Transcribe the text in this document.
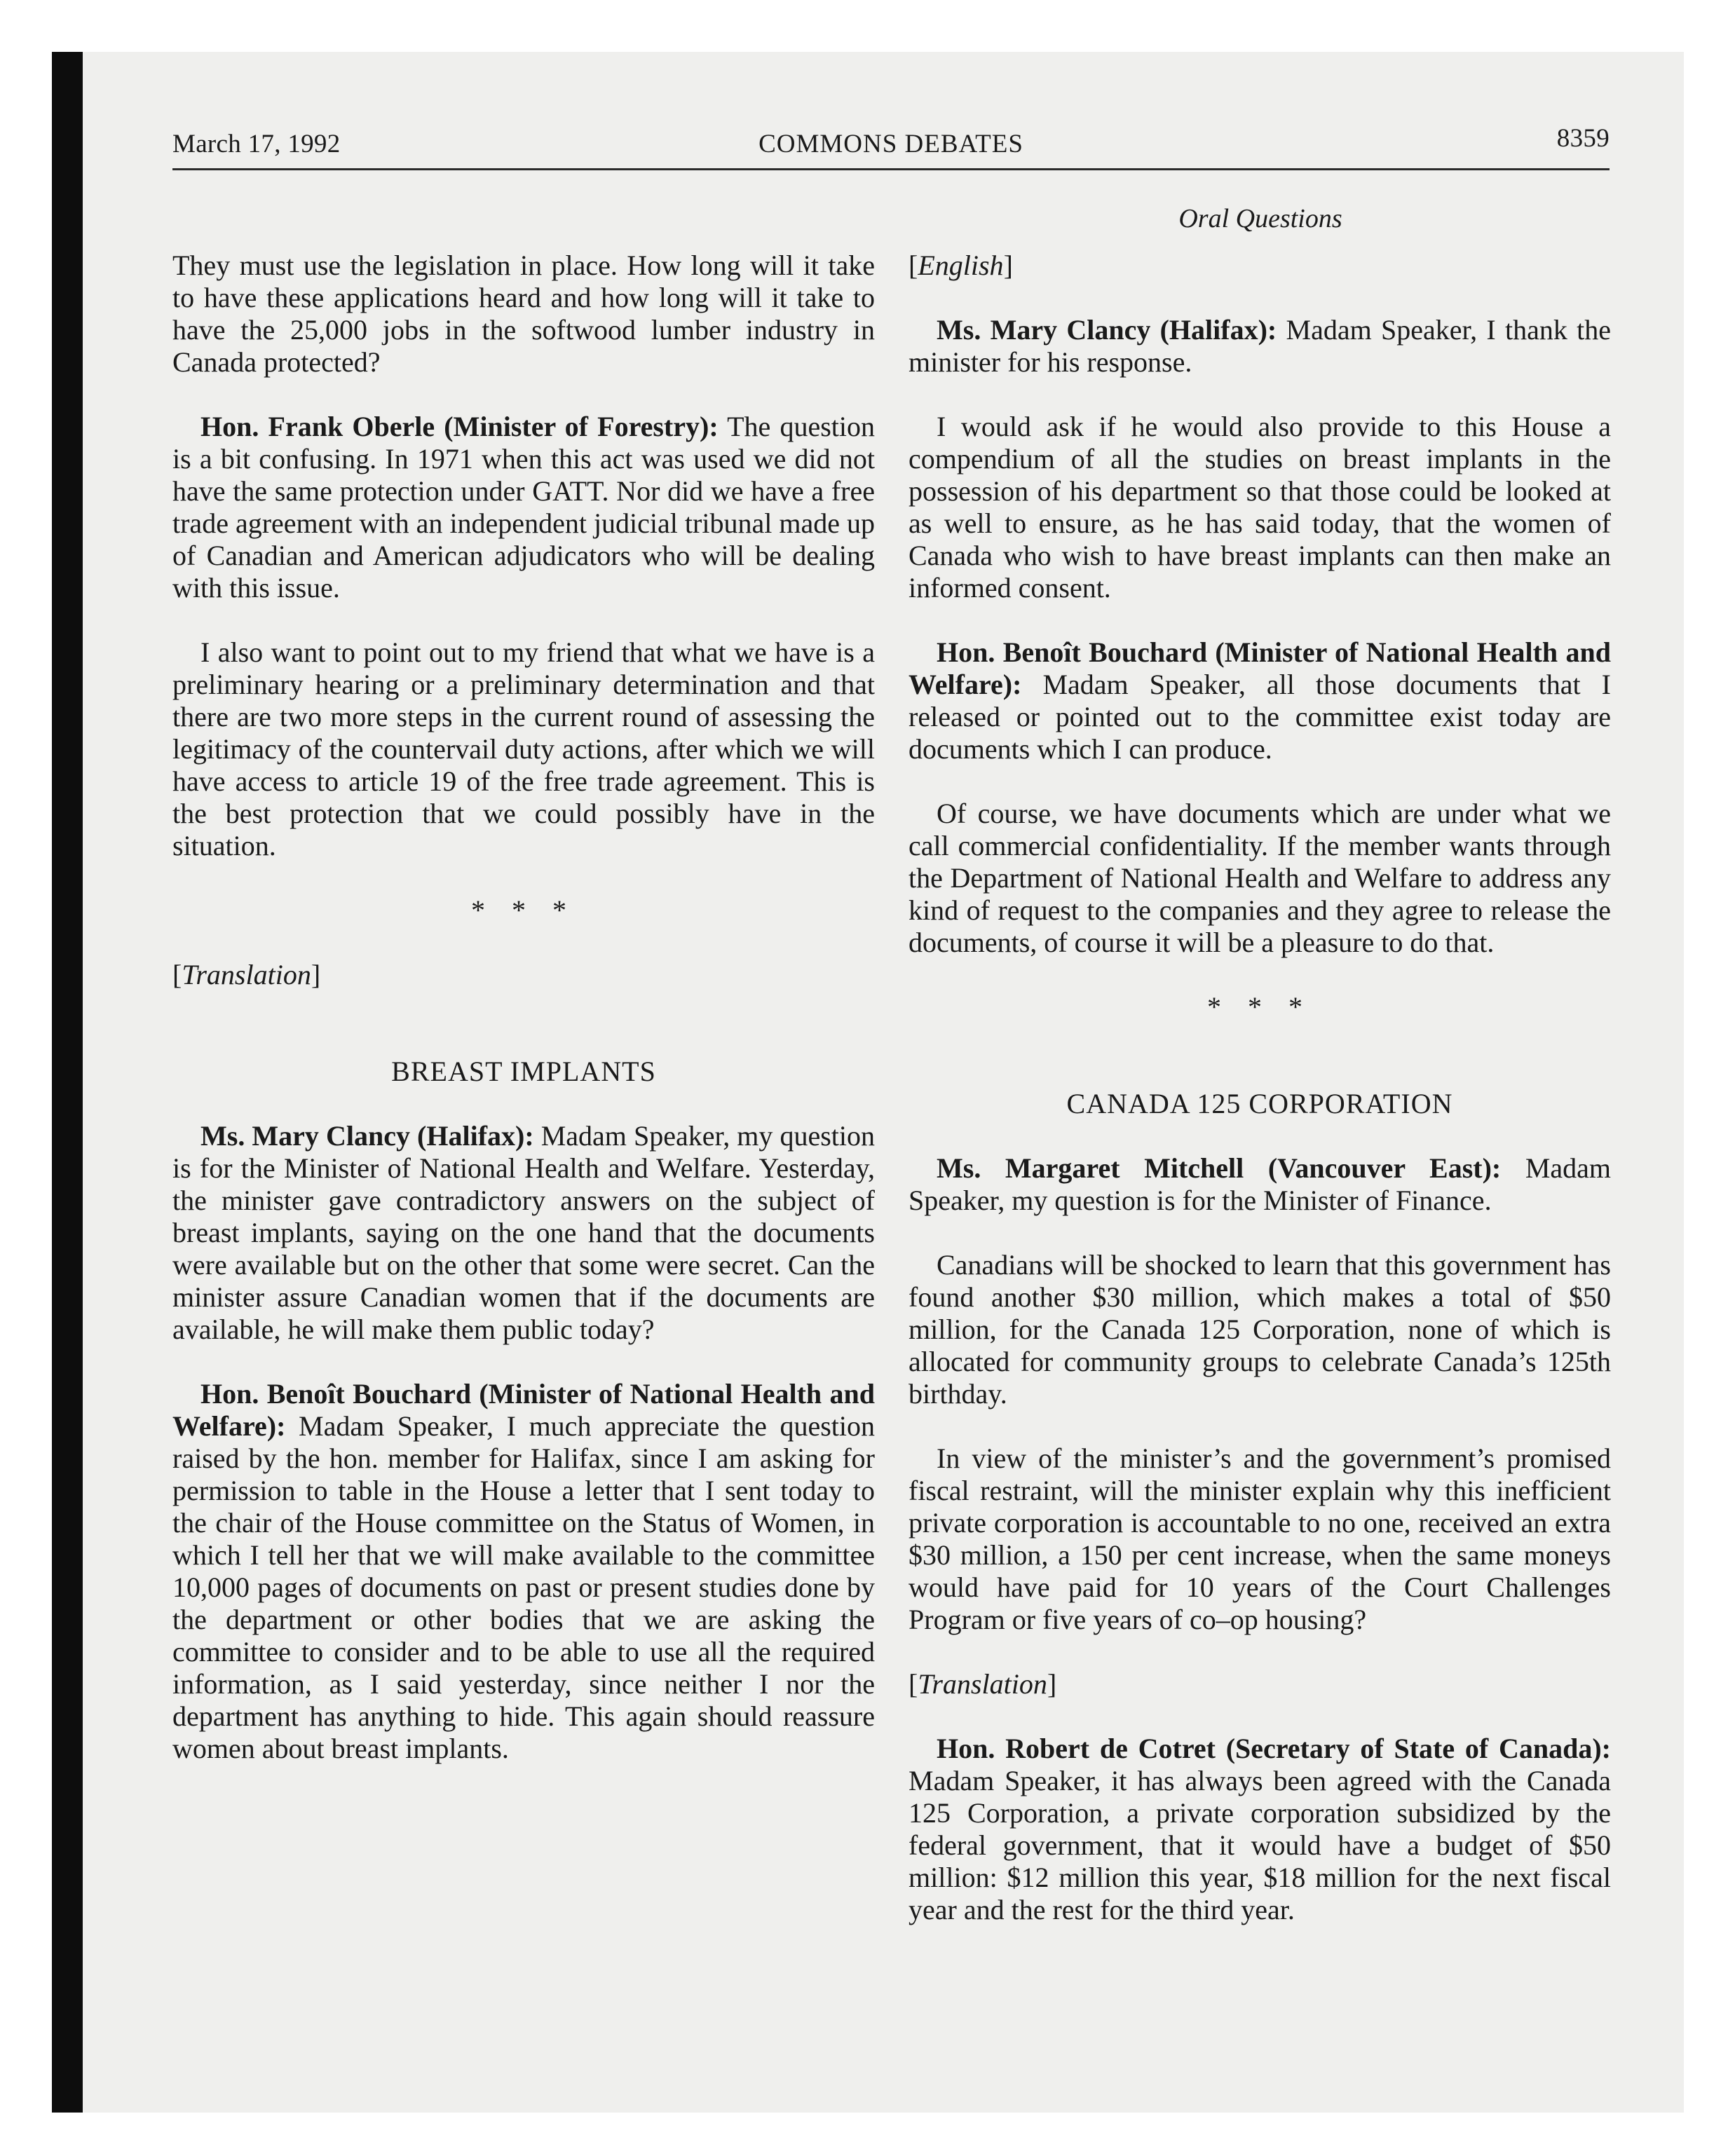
March 17, 1992	COMMONS DEBATES	8359
Oral Questions

They must use the legislation in place. How long will it take to have these applications heard and how long will it take to have the 25,000 jobs in the softwood lumber industry in Canada protected?

Hon. Frank Oberle (Minister of Forestry): The question is a bit confusing. In 1971 when this act was used we did not have the same protection under GATT. Nor did we have a free trade agreement with an independent judicial tribunal made up of Canadian and American adjudicators who will be dealing with this issue.

I also want to point out to my friend that what we have is a preliminary hearing or a preliminary determination and that there are two more steps in the current round of assessing the legitimacy of the countervail duty actions, after which we will have access to article 19 of the free trade agreement. This is the best protection that we could possibly have in the situation.

* * *
[Translation]
BREAST IMPLANTS

Ms. Mary Clancy (Halifax): Madam Speaker, my question is for the Minister of National Health and Welfare. Yesterday, the minister gave contradictory answers on the subject of breast implants, saying on the one hand that the documents were available but on the other that some were secret. Can the minister assure Canadian women that if the documents are available, he will make them public today?

Hon. Benoît Bouchard (Minister of National Health and Welfare): Madam Speaker, I much appreciate the question raised by the hon. member for Halifax, since I am asking for permission to table in the House a letter that I sent today to the chair of the House committee on the Status of Women, in which I tell her that we will make available to the committee 10,000 pages of documents on past or present studies done by the department or other bodies that we are asking the committee to consider and to be able to use all the required information, as I said yesterday, since neither I nor the department has anything to hide. This again should reassure women about breast implants.

[English]

Ms. Mary Clancy (Halifax): Madam Speaker, I thank the minister for his response.

I would ask if he would also provide to this House a compendium of all the studies on breast implants in the possession of his department so that those could be looked at as well to ensure, as he has said today, that the women of Canada who wish to have breast implants can then make an informed consent.

Hon. Benoît Bouchard (Minister of National Health and Welfare): Madam Speaker, all those documents that I released or pointed out to the committee exist today are documents which I can produce.

Of course, we have documents which are under what we call commercial confidentiality. If the member wants through the Department of National Health and Welfare to address any kind of request to the companies and they agree to release the documents, of course it will be a pleasure to do that.

* * *
CANADA 125 CORPORATION

Ms. Margaret Mitchell (Vancouver East): Madam Speaker, my question is for the Minister of Finance.

Canadians will be shocked to learn that this government has found another $30 million, which makes a total of $50 million, for the Canada 125 Corporation, none of which is allocated for community groups to celebrate Canada’s 125th birthday.

In view of the minister’s and the government’s promised fiscal restraint, will the minister explain why this inefficient private corporation is accountable to no one, received an extra $30 million, a 150 per cent increase, when the same moneys would have paid for 10 years of the Court Challenges Program or five years of co–op housing?

[Translation]

Hon. Robert de Cotret (Secretary of State of Canada): Madam Speaker, it has always been agreed with the Canada 125 Corporation, a private corporation subsidized by the federal government, that it would have a budget of $50 million: $12 million this year, $18 million for the next fiscal year and the rest for the third year.
